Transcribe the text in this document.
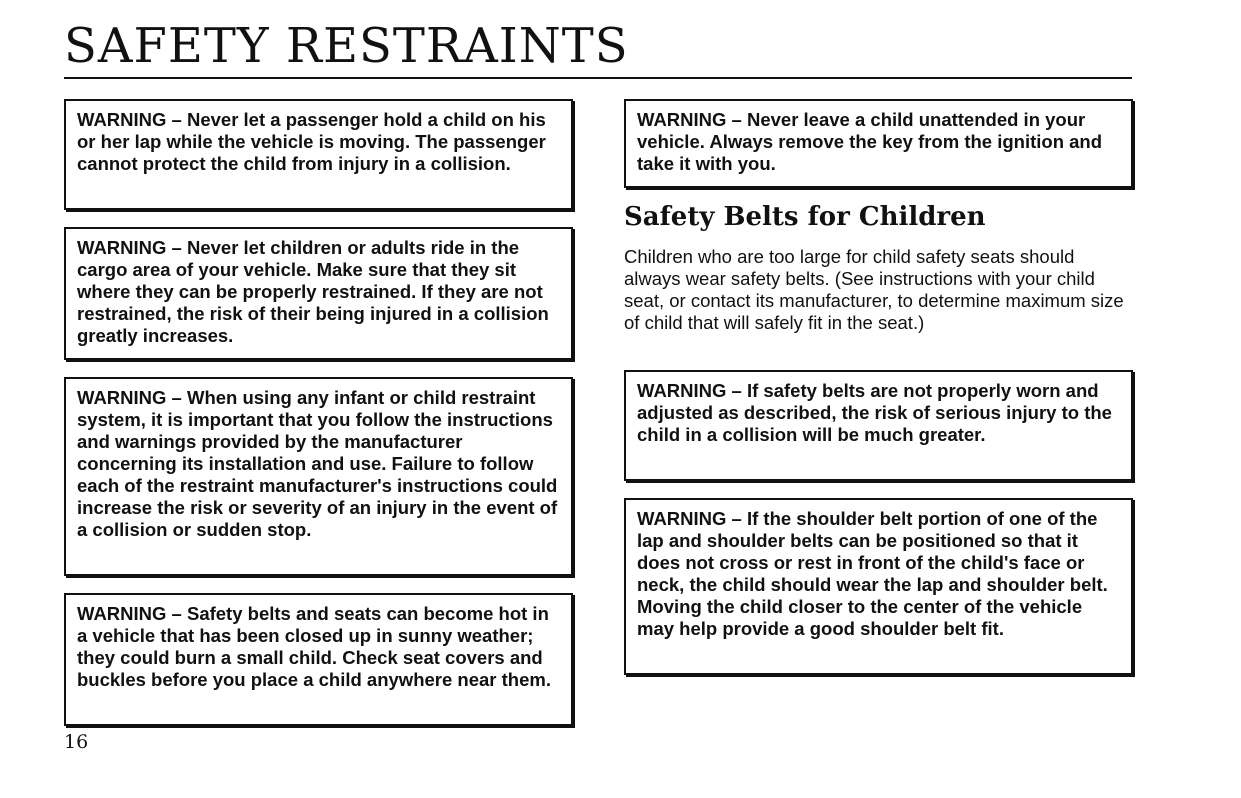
SAFETY RESTRAINTS
WARNING – Never let a passenger hold a child on his or her lap while the vehicle is moving. The passenger cannot protect the child from injury in a collision.
WARNING – Never let children or adults ride in the cargo area of your vehicle. Make sure that they sit where they can be properly restrained. If they are not restrained, the risk of their being injured in a collision greatly increases.
WARNING – When using any infant or child restraint system, it is important that you follow the instructions and warnings provided by the manufacturer concerning its installation and use. Failure to follow each of the restraint manufacturer's instructions could increase the risk or severity of an injury in the event of a collision or sudden stop.
WARNING – Safety belts and seats can become hot in a vehicle that has been closed up in sunny weather; they could burn a small child. Check seat covers and buckles before you place a child anywhere near them.
WARNING – Never leave a child unattended in your vehicle. Always remove the key from the ignition and take it with you.
Safety Belts for Children

Children who are too large for child safety seats should always wear safety belts. (See instructions with your child seat, or contact its manufacturer, to determine maximum size of child that will safely fit in the seat.)

WARNING – If safety belts are not properly worn and adjusted as described, the risk of serious injury to the child in a collision will be much greater.
WARNING – If the shoulder belt portion of one of the lap and shoulder belts can be positioned so that it does not cross or rest in front of the child's face or neck, the child should wear the lap and shoulder belt. Moving the child closer to the center of the vehicle may help provide a good shoulder belt fit.
16
